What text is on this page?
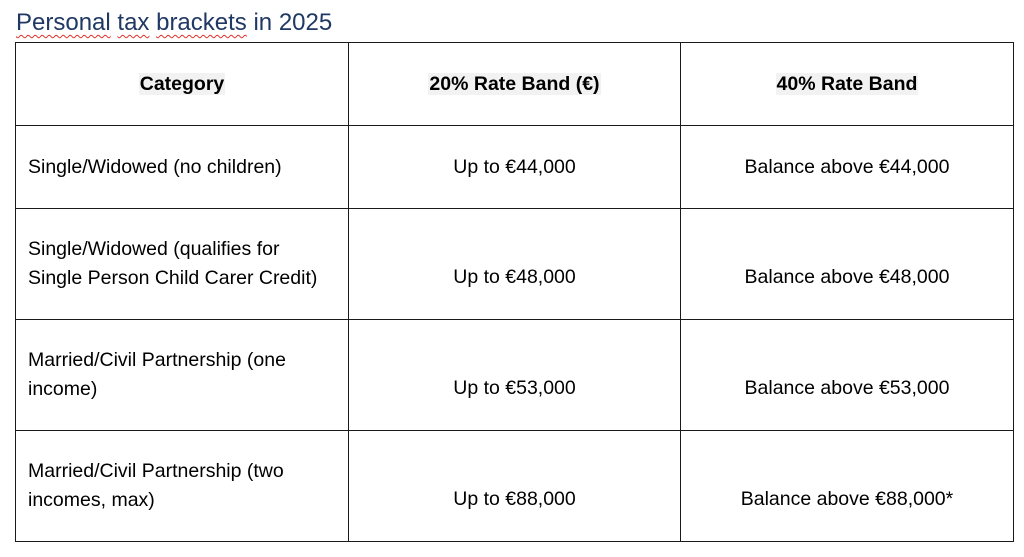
Personal tax brackets in 2025
Category	20% Rate Band (€)	40% Rate Band
Single/Widowed (no children)	Up to €44,000	Balance above €44,000

Single/Widowed (qualifies for
Single Person Child Carer Credit)	Up to €48,000	Balance above €48,000

Married/Civil Partnership (one
income)	Up to €53,000	Balance above €53,000

Married/Civil Partnership (two
incomes, max)	Up to €88,000	Balance above €88,000*
